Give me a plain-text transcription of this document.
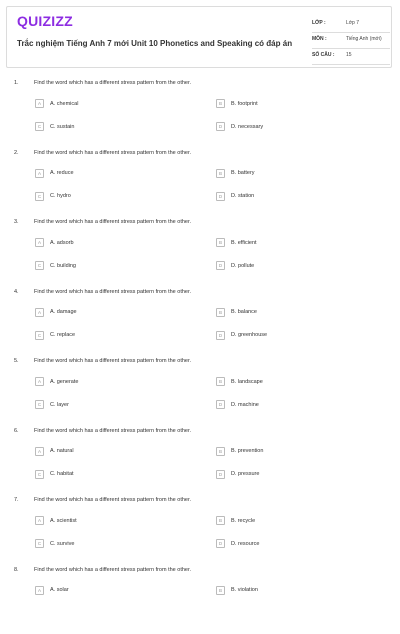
QUIZIZZ
Trắc nghiệm Tiếng Anh 7 mới Unit 10 Phonetics and Speaking có đáp án
LỚP :	Lớp 7
MÔN :	Tiếng Anh (mới)
SỐ CÂU : 15
1.	Find the word which has a different stress pattern from the other.
A	A. chemical	B	B. footprint
C	C. sustain	D	D. necessary
2.	Find the word which has a different stress pattern from the other.
A	A. reduce	B	B. battery
C	C. hydro	D	D. station
3.	Find the word which has a different stress pattern from the other.
A	A. adsorb	B	B. efficient
C	C. building	D	D. pollute
4.	Find the word which has a different stress pattern from the other.
A	A. damage	B	B. balance
C	C. replace	D	D. greenhouse
5.	Find the word which has a different stress pattern from the other.
A	A. generate	B	B. landscape
C	C. layer	D	D. machine
6.	Find the word which has a different stress pattern from the other.
A	A. natural	B	B. prevention
C	C. habitat	D	D. pressure
7.	Find the word which has a different stress pattern from the other.
A	A. scientist	B	B. recycle
C	C. survive	D	D. resource
8.	Find the word which has a different stress pattern from the other.
A	A. solar	B	B. violation
